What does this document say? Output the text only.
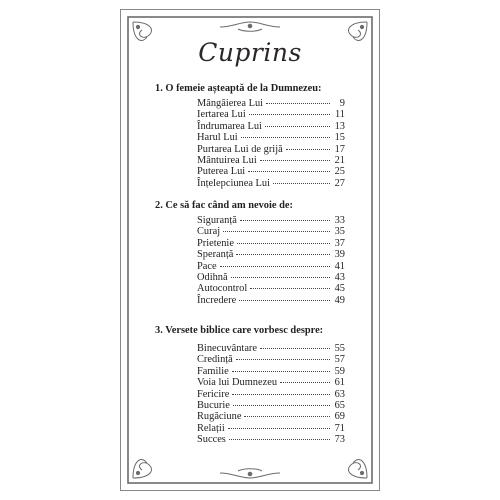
Cuprins

1. O femeie așteaptă de la Dumnezeu:

Mângâierea Lui	9
Iertarea Lui	11
Îndrumarea Lui	13
Harul Lui	15
Purtarea Lui de grijă	17
Mântuirea Lui	21
Puterea Lui	25
Înțelepciunea Lui	27

2. Ce să fac când am nevoie de:

Siguranță	33
Curaj	35
Prietenie	37
Speranță	39
Pace	41
Odihnă	43
Autocontrol	45
Încredere	49

3. Versete biblice care vorbesc despre:

Binecuvântare	55
Credință	57
Familie	59
Voia lui Dumnezeu	61
Fericire	63
Bucurie	65
Rugăciune	69
Relații	71
Succes	73
